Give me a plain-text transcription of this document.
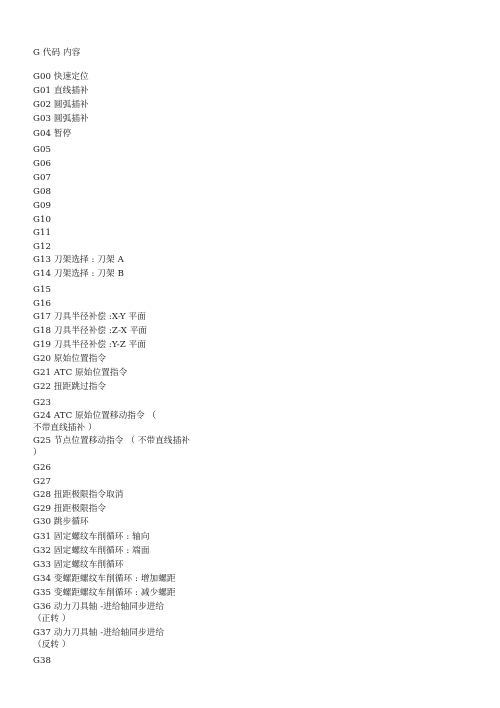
G 代码 内容
G00 快速定位
G01 直线插补
G02 圆弧插补
G03 圆弧插补
G04 暂停
G05
G06
G07
G08
G09
G10
G11
G12
G13 刀架选择 : 刀架 A
G14 刀架选择 : 刀架 B
G15
G16
G17 刀具半径补偿 :X-Y 平面
G18 刀具半径补偿 :Z-X 平面
G19 刀具半径补偿 :Y-Z 平面
G20 原始位置指令
G21 ATC 原始位置指令
G22 扭距跳过指令
G23
G24 ATC 原始位置移动指令 （
不带直线插补 ）
G25 节点位置移动指令 （ 不带直线插补
）
G26
G27
G28 扭距极限指令取消
G29 扭距极限指令
G30 跳步循环
G31 固定螺纹车削循环 : 轴向
G32 固定螺纹车削循环 : 端面
G33 固定螺纹车削循环
G34 变螺距螺纹车削循环 : 增加螺距
G35 变螺距螺纹车削循环 : 减少螺距
G36 动力刀具轴 -进给轴同步进给
（正转 ）
G37 动力刀具轴 -进给轴同步进给
（反转 ）
G38
